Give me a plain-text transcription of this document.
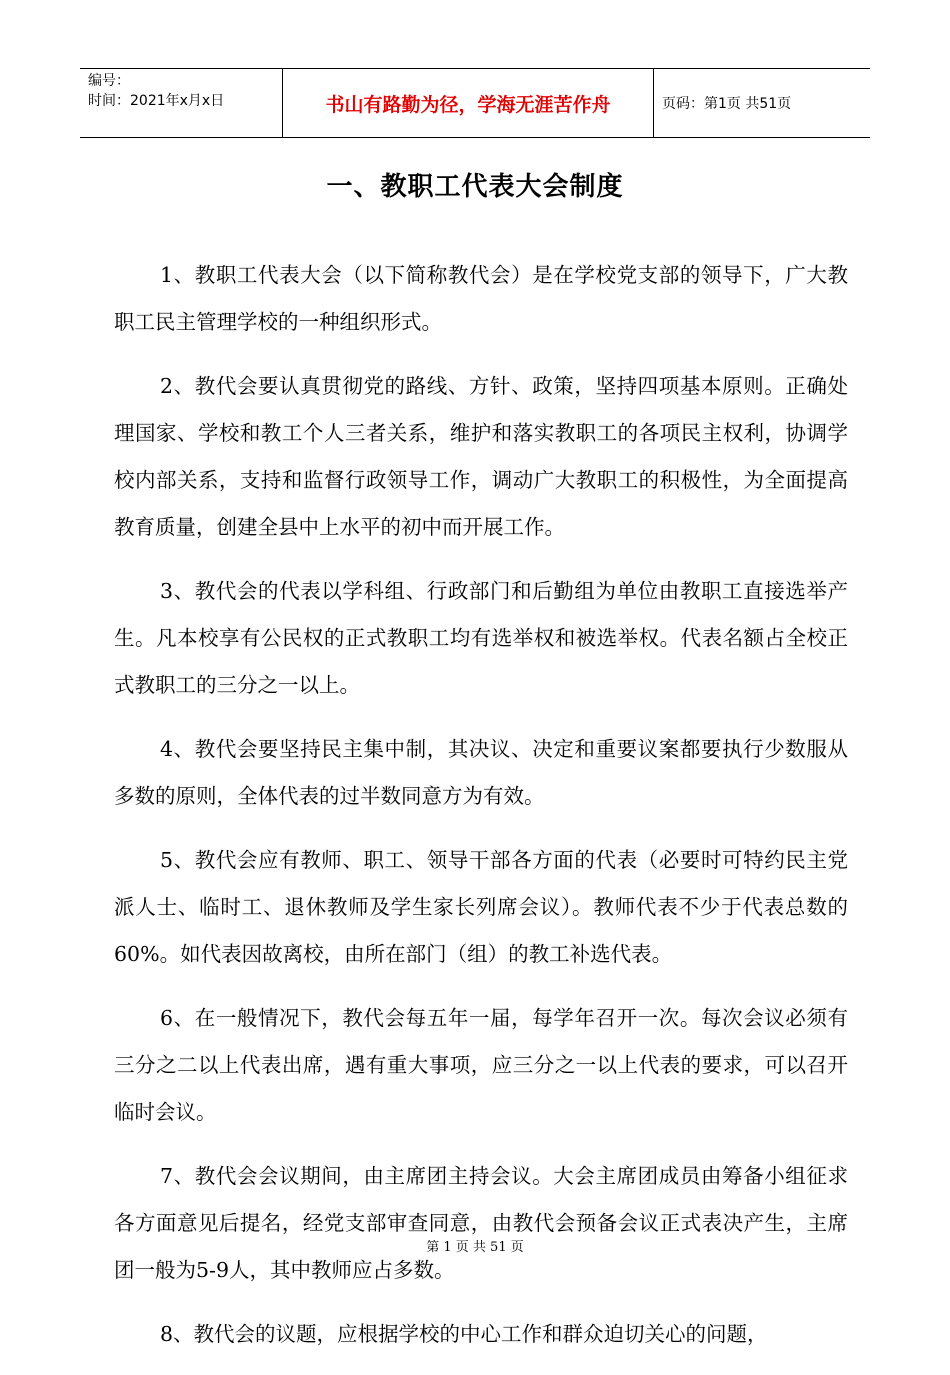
编号：
时间：2021年x月x日	书山有路勤为径，学海无涯苦作舟	页码：第1页 共51页
一、教职工代表大会制度

1、教职工代表大会（以下简称教代会）是在学校党支部的领导下，广大教职工民主管理学校的一种组织形式。

2、教代会要认真贯彻党的路线、方针、政策，坚持四项基本原则。正确处理国家、学校和教工个人三者关系，维护和落实教职工的各项民主权利，协调学校内部关系，支持和监督行政领导工作，调动广大教职工的积极性，为全面提高教育质量，创建全县中上水平的初中而开展工作。

3、教代会的代表以学科组、行政部门和后勤组为单位由教职工直接选举产生。凡本校享有公民权的正式教职工均有选举权和被选举权。代表名额占全校正式教职工的三分之一以上。

4、教代会要坚持民主集中制，其决议、决定和重要议案都要执行少数服从多数的原则，全体代表的过半数同意方为有效。

5、教代会应有教师、职工、领导干部各方面的代表（必要时可特约民主党派人士、临时工、退休教师及学生家长列席会议）。教师代表不少于代表总数的60%。如代表因故离校，由所在部门（组）的教工补选代表。

6、在一般情况下，教代会每五年一届，每学年召开一次。每次会议必须有三分之二以上代表出席，遇有重大事项，应三分之一以上代表的要求，可以召开临时会议。

7、教代会会议期间，由主席团主持会议。大会主席团成员由筹备小组征求各方面意见后提名，经党支部审查同意，由教代会预备会议正式表决产生，主席团一般为5-9人，其中教师应占多数。

8、教代会的议题，应根据学校的中心工作和群众迫切关心的问题，

第 1 页 共 51 页
